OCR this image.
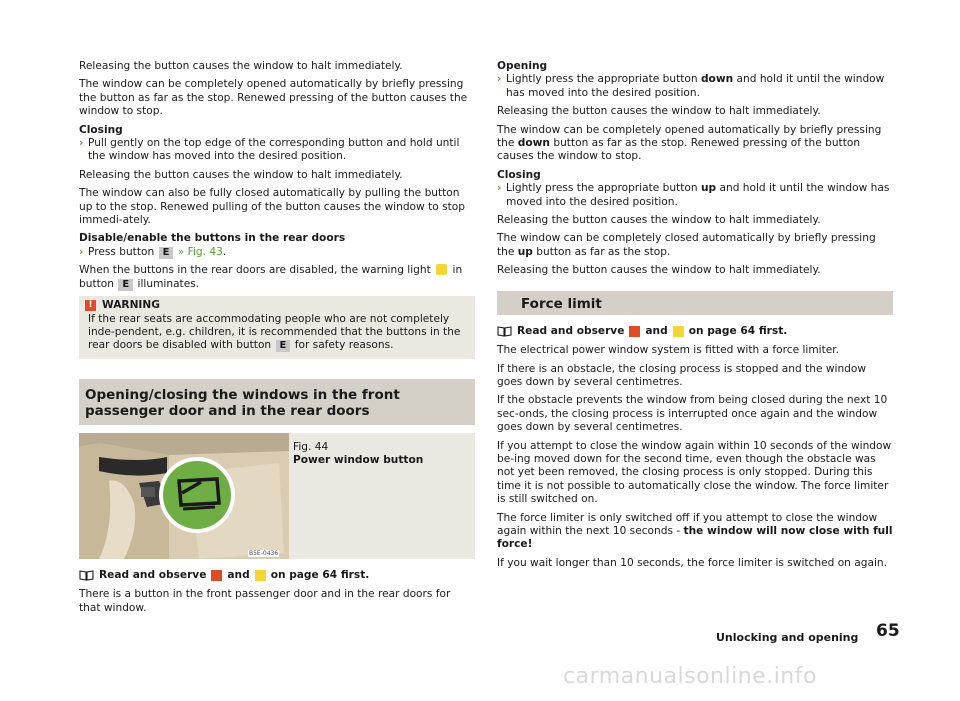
Releasing the button causes the window to halt immediately.

The window can be completely opened automatically by briefly pressing the button as far as the stop. Renewed pressing of the button causes the window to stop.

Closing

› Pull gently on the top edge of the corresponding button and hold until the window has moved into the desired position.

Releasing the button causes the window to halt immediately.

The window can also be fully closed automatically by pulling the button up to the stop. Renewed pulling of the button causes the window to stop immedi-ately.

Disable/enable the buttons in the rear doors

› Press button E » Fig. 43.

When the buttons in the rear doors are disabled, the warning light in button E illuminates.

! WARNING
If the rear seats are accommodating people who are not completely inde-pendent, e.g. children, it is recommended that the buttons in the rear doors be disabled with button E for safety reasons.
Opening/closing the windows in the front passenger door and in the rear doors
Fig. 44
Power window button
B5E-0436
Read and observe and on page 64 first.

There is a button in the front passenger door and in the rear doors for that window.

Opening

› Lightly press the appropriate button down and hold it until the window has moved into the desired position.

Releasing the button causes the window to halt immediately.

The window can be completely opened automatically by briefly pressing the down button as far as the stop. Renewed pressing of the button causes the window to stop.

Closing

› Lightly press the appropriate button up and hold it until the window has moved into the desired position.

Releasing the button causes the window to halt immediately.

The window can be completely closed automatically by briefly pressing the up button as far as the stop.

Releasing the button causes the window to halt immediately.

Force limit
Read and observe and on page 64 first.

The electrical power window system is fitted with a force limiter.

If there is an obstacle, the closing process is stopped and the window goes down by several centimetres.

If the obstacle prevents the window from being closed during the next 10 sec-onds, the closing process is interrupted once again and the window goes down by several centimetres.

If you attempt to close the window again within 10 seconds of the window be-ing moved down for the second time, even though the obstacle was not yet been removed, the closing process is only stopped. During this time it is not possible to automatically close the window. The force limiter is still switched on.

The force limiter is only switched off if you attempt to close the window again within the next 10 seconds - the window will now close with full force!

If you wait longer than 10 seconds, the force limiter is switched on again.

Unlocking and opening 65
carmanualsonline.info
